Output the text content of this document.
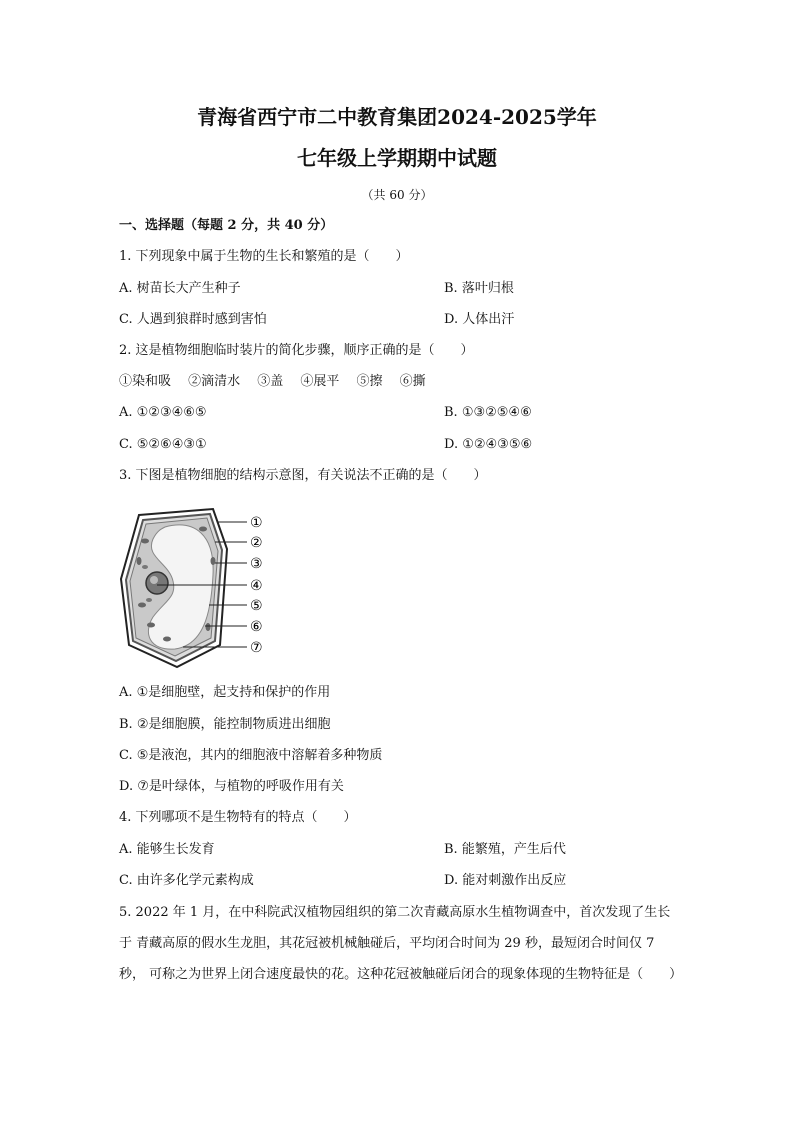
青海省西宁市二中教育集团2024-2025学年
七年级上学期期中试题
（共 60 分）
一、选择题（每题 2 分，共 40 分）
1. 下列现象中属于生物的生长和繁殖的是（　　）
A. 树苗长大产生种子	B. 落叶归根
C. 人遇到狼群时感到害怕	D. 人体出汗
2. 这是植物细胞临时装片的简化步骤，顺序正确的是（　　）
①染和吸　 ②滴清水　 ③盖　 ④展平　 ⑤擦　 ⑥撕
A. ①②③④⑥⑤	B. ①③②⑤④⑥
C. ⑤②⑥④③①	D. ①②④③⑤⑥
3. 下图是植物细胞的结构示意图，有关说法不正确的是（　　）
①
②
③
④
⑤
⑥
⑦
A. ①是细胞壁，起支持和保护的作用
B. ②是细胞膜，能控制物质进出细胞
C. ⑤是液泡，其内的细胞液中溶解着多种物质
D. ⑦是叶绿体，与植物的呼吸作用有关
4. 下列哪项不是生物特有的特点（　　）
A. 能够生长发育	B. 能繁殖，产生后代
C. 由许多化学元素构成	D. 能对刺激作出反应
5. 2022 年 1 月，在中科院武汉植物园组织的第二次青藏高原水生植物调查中，首次发现了生长于 青藏高原的假水生龙胆，其花冠被机械触碰后，平均闭合时间为 29 秒，最短闭合时间仅 7 秒， 可称之为世界上闭合速度最快的花。这种花冠被触碰后闭合的现象体现的生物特征是（　　）
